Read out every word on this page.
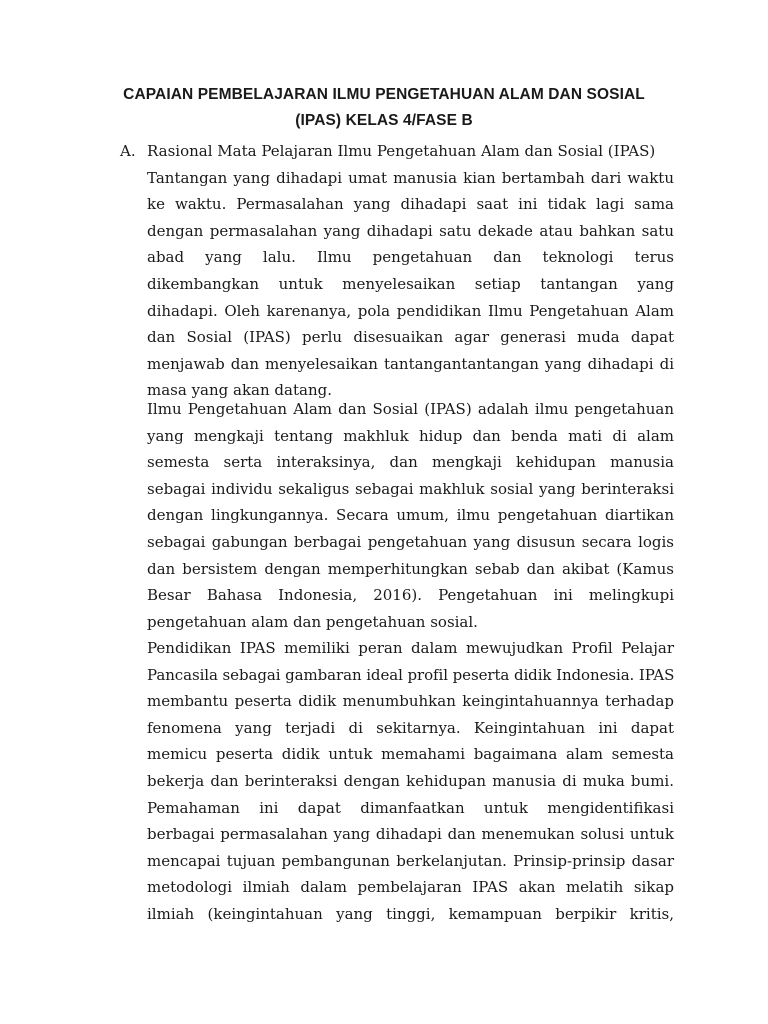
CAPAIAN PEMBELAJARAN ILMU PENGETAHUAN ALAM DAN SOSIAL
(IPAS) KELAS 4/FASE B
A. Rasional Mata Pelajaran Ilmu Pengetahuan Alam dan Sosial (IPAS)
Tantangan yang dihadapi umat manusia kian bertambah dari waktu
ke waktu. Permasalahan yang dihadapi saat ini tidak lagi sama
dengan permasalahan yang dihadapi satu dekade atau bahkan satu
abad yang lalu. Ilmu pengetahuan dan teknologi terus
dikembangkan untuk menyelesaikan setiap tantangan yang
dihadapi. Oleh karenanya, pola pendidikan Ilmu Pengetahuan Alam
dan Sosial (IPAS) perlu disesuaikan agar generasi muda dapat
menjawab dan menyelesaikan tantangantantangan yang dihadapi di
masa yang akan datang.
Ilmu Pengetahuan Alam dan Sosial (IPAS) adalah ilmu pengetahuan
yang mengkaji tentang makhluk hidup dan benda mati di alam
semesta serta interaksinya, dan mengkaji kehidupan manusia
sebagai individu sekaligus sebagai makhluk sosial yang berinteraksi
dengan lingkungannya. Secara umum, ilmu pengetahuan diartikan
sebagai gabungan berbagai pengetahuan yang disusun secara logis
dan bersistem dengan memperhitungkan sebab dan akibat (Kamus
Besar Bahasa Indonesia, 2016). Pengetahuan ini melingkupi
pengetahuan alam dan pengetahuan sosial.
Pendidikan IPAS memiliki peran dalam mewujudkan Profil Pelajar
Pancasila sebagai gambaran ideal profil peserta didik Indonesia. IPAS
membantu peserta didik menumbuhkan keingintahuannya terhadap
fenomena yang terjadi di sekitarnya. Keingintahuan ini dapat
memicu peserta didik untuk memahami bagaimana alam semesta
bekerja dan berinteraksi dengan kehidupan manusia di muka bumi.
Pemahaman ini dapat dimanfaatkan untuk mengidentifikasi
berbagai permasalahan yang dihadapi dan menemukan solusi untuk
mencapai tujuan pembangunan berkelanjutan. Prinsip-prinsip dasar
metodologi ilmiah dalam pembelajaran IPAS akan melatih sikap
ilmiah (keingintahuan yang tinggi, kemampuan berpikir kritis,
